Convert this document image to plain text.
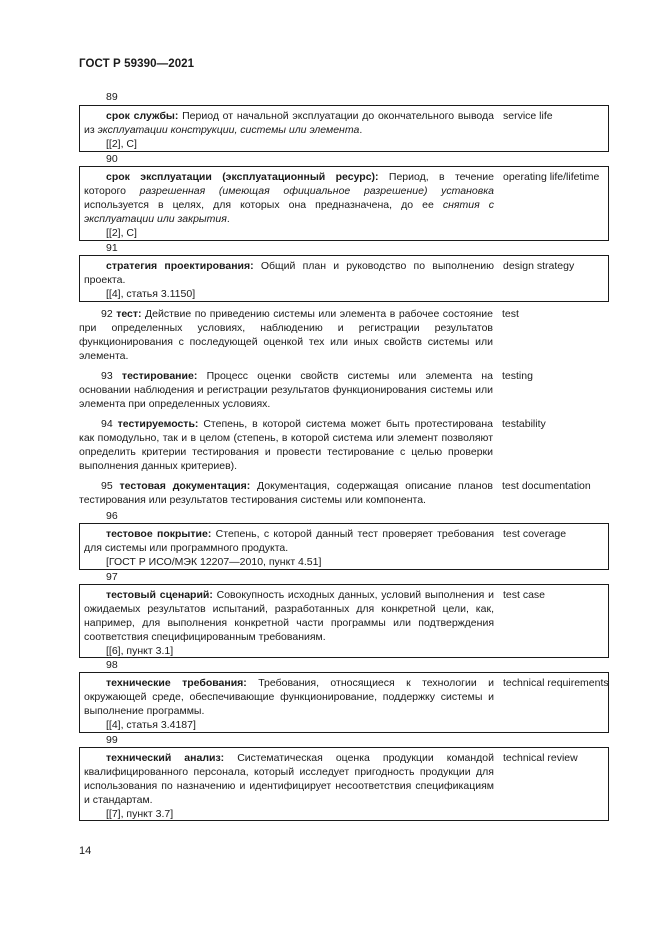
ГОСТ Р 59390—2021
89
срок службы: Период от начальной эксплуатации до окончательного вывода из эксплуатации конструкции, системы или элемента.
[[2], C]
service life
90
срок эксплуатации (эксплуатационный ресурс): Период, в течение которого разрешенная (имеющая официальное разрешение) установка используется в целях, для которых она предназначена, до ее снятия с эксплуатации или закрытия.
[[2], C]
operating life/lifetime
91
стратегия проектирования: Общий план и руководство по выполнению проекта.
[[4], статья 3.1150]
design strategy
92 тест: Действие по приведению системы или элемента в рабочее состояние при определенных условиях, наблюдению и регистрации результатов функционирования с последующей оценкой тех или иных свойств системы или элемента.
test
93 тестирование: Процесс оценки свойств системы или элемента на основании наблюдения и регистрации результатов функционирования системы или элемента при определенных условиях.
testing
94 тестируемость: Степень, в которой система может быть протестирована как помодульно, так и в целом (степень, в которой система или элемент позволяют определить критерии тестирования и провести тестирование с целью проверки выполнения данных критериев).
testability
95 тестовая документация: Документация, содержащая описание планов тестирования или результатов тестирования системы или компонента.
test documentation
96
тестовое покрытие: Степень, с которой данный тест проверяет требования для системы или программного продукта.
[ГОСТ Р ИСО/МЭК 12207—2010, пункт 4.51]
test coverage
97
тестовый сценарий: Совокупность исходных данных, условий выполнения и ожидаемых результатов испытаний, разработанных для конкретной цели, как, например, для выполнения конкретной части программы или подтверждения соответствия специфицированным требованиям.
[[6], пункт 3.1]
test case
98
технические требования: Требования, относящиеся к технологии и окружающей среде, обеспечивающие функционирование, поддержку системы и выполнение программы.
[[4], статья 3.4187]
technical requirements
99
технический анализ: Систематическая оценка продукции командой квалифицированного персонала, который исследует пригодность продукции для использования по назначению и идентифицирует несоответствия спецификациям и стандартам.
[[7], пункт 3.7]
technical review
14
